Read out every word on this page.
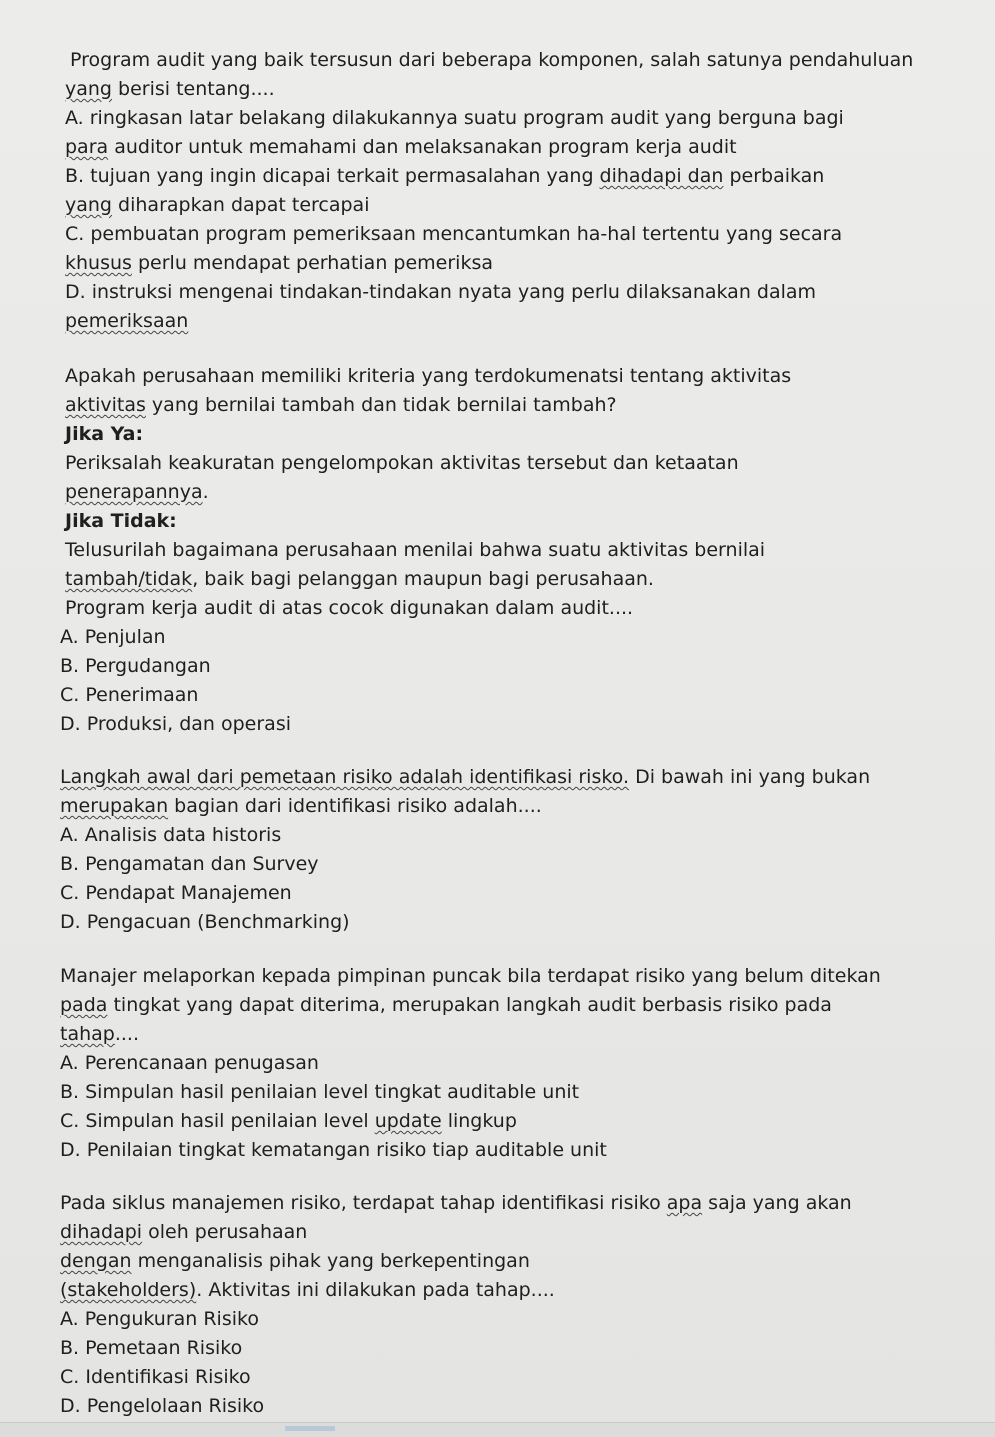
Program audit yang baik tersusun dari beberapa komponen, salah satunya pendahuluan
yang berisi tentang....
A. ringkasan latar belakang dilakukannya suatu program audit yang berguna bagi
para auditor untuk memahami dan melaksanakan program kerja audit
B. tujuan yang ingin dicapai terkait permasalahan yang dihadapi dan perbaikan
yang diharapkan dapat tercapai
C. pembuatan program pemeriksaan mencantumkan ha-hal tertentu yang secara
khusus perlu mendapat perhatian pemeriksa
D. instruksi mengenai tindakan-tindakan nyata yang perlu dilaksanakan dalam
pemeriksaan
Apakah perusahaan memiliki kriteria yang terdokumenatsi tentang aktivitas
aktivitas yang bernilai tambah dan tidak bernilai tambah?
Jika Ya:
Periksalah keakuratan pengelompokan aktivitas tersebut dan ketaatan
penerapannya.
Jika Tidak:
Telusurilah bagaimana perusahaan menilai bahwa suatu aktivitas bernilai
tambah/tidak, baik bagi pelanggan maupun bagi perusahaan.
Program kerja audit di atas cocok digunakan dalam audit....
A. Penjulan
B. Pergudangan
C. Penerimaan
D. Produksi, dan operasi
Langkah awal dari pemetaan risiko adalah identifikasi risko. Di bawah ini yang bukan
merupakan bagian dari identifikasi risiko adalah....
A. Analisis data historis
B. Pengamatan dan Survey
C. Pendapat Manajemen
D. Pengacuan (Benchmarking)
Manajer melaporkan kepada pimpinan puncak bila terdapat risiko yang belum ditekan
pada tingkat yang dapat diterima, merupakan langkah audit berbasis risiko pada
tahap....
A. Perencanaan penugasan
B. Simpulan hasil penilaian level tingkat auditable unit
C. Simpulan hasil penilaian level update lingkup
D. Penilaian tingkat kematangan risiko tiap auditable unit
Pada siklus manajemen risiko, terdapat tahap identifikasi risiko apa saja yang akan
dihadapi oleh perusahaan
dengan menganalisis pihak yang berkepentingan
(stakeholders). Aktivitas ini dilakukan pada tahap....
A. Pengukuran Risiko
B. Pemetaan Risiko
C. Identifikasi Risiko
D. Pengelolaan Risiko
